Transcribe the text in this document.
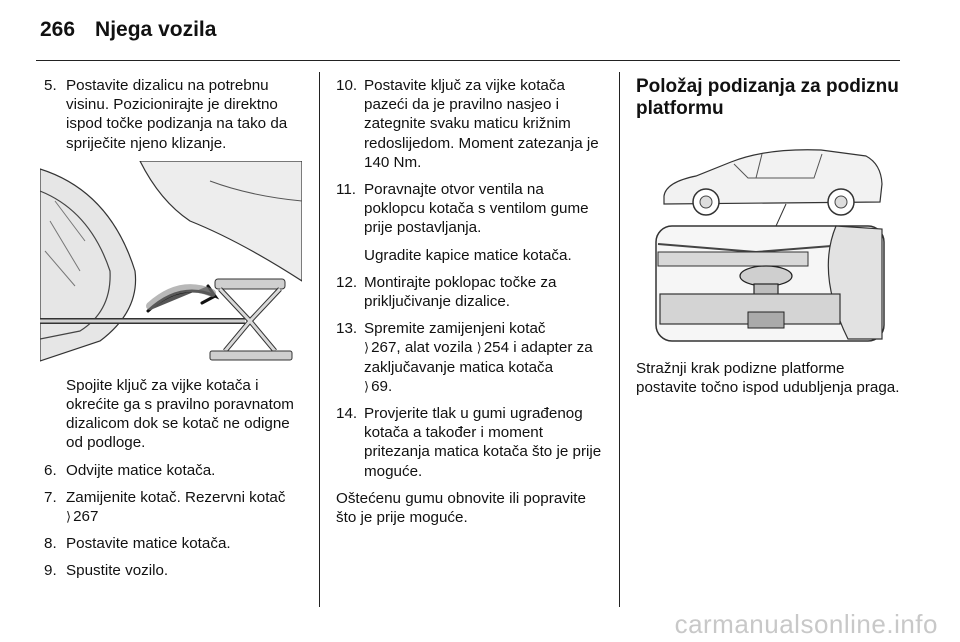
266 Njega vozila
5. Postavite dizalicu na potrebnu visinu. Pozicionirajte je direktno ispod točke podizanja na tako da spriječite njeno klizanje.

Spojite ključ za vijke kotača i okrećite ga s pravilno poravnatom dizalicom dok se kotač ne odigne od podloge.

6. Odvijte matice kotača.
7. Zamijenite kotač. Rezervni kotač
⟩ 267
8. Postavite matice kotača.
9. Spustite vozilo.
10. Postavite ključ za vijke kotača pazeći da je pravilno nasjeo i zategnite svaku maticu križnim redoslijedom. Moment zatezanja je 140 Nm.
11. Poravnajte otvor ventila na poklopcu kotača s ventilom gume prije postavljanja.

Ugradite kapice matice kotača.

12. Montirajte poklopac točke za priključivanje dizalice.
13. Spremite zamijenjeni kotač
⟩ 267, alat vozila ⟩ 254 i adapter za zaključavanje matica kotača
⟩ 69.
14. Provjerite tlak u gumi ugrađenog kotača a također i moment pritezanja matica kotača što je prije moguće.

Oštećenu gumu obnovite ili popravite što je prije moguće.

Položaj podizanja za podiznu platformu

Stražnji krak podizne platforme postavite točno ispod udubljenja praga.

carmanualsonline.info
